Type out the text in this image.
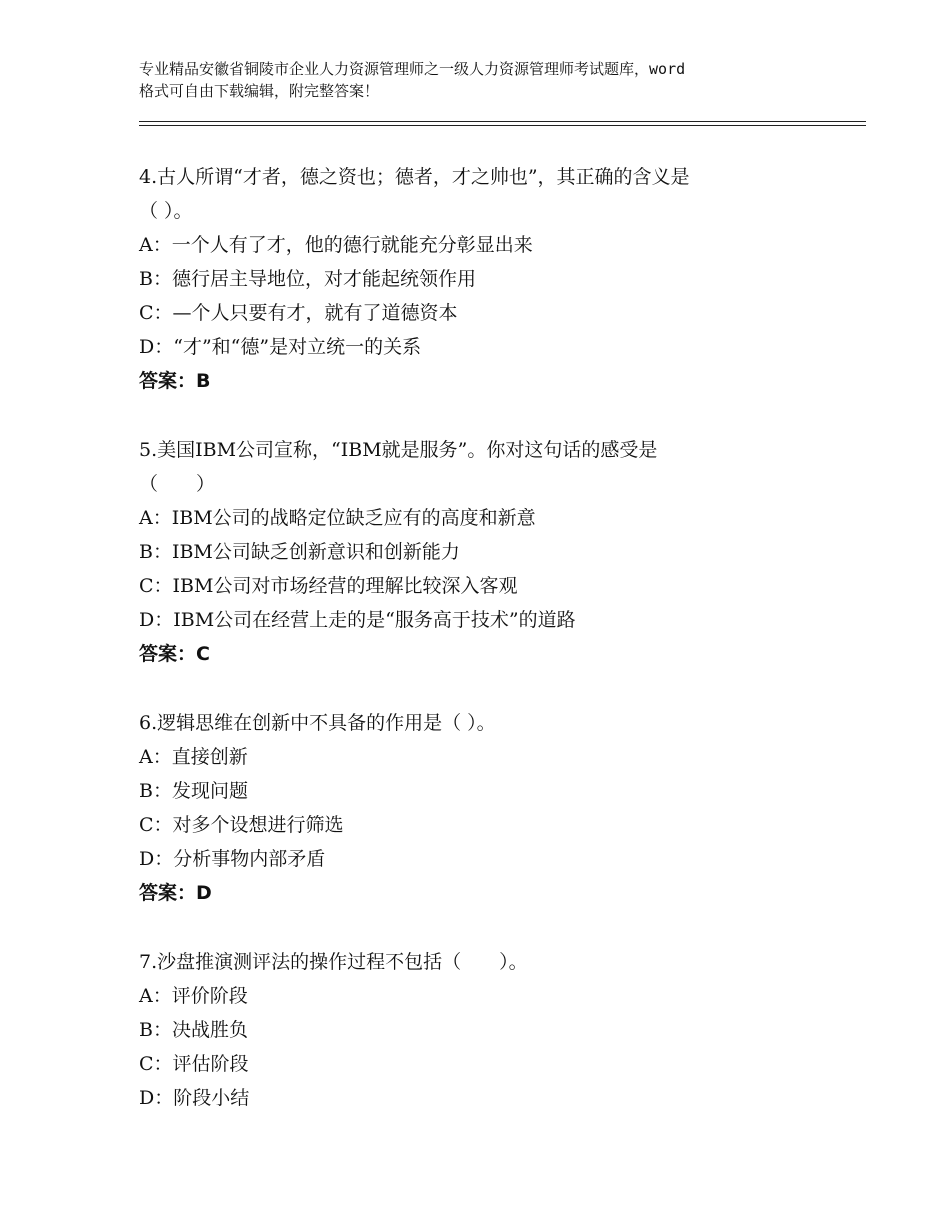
专业精品安徽省铜陵市企业人力资源管理师之一级人力资源管理师考试题库，word
格式可自由下载编辑，附完整答案！
4.古人所谓“才者，德之资也；德者，才之帅也”，其正确的含义是
（ ）。
A：一个人有了才，他的德行就能充分彰显出来
B：德行居主导地位，对才能起统领作用
C：—个人只要有才，就有了道德资本
D：“才”和“德”是对立统一的关系
答案：B
5.美国IBM公司宣称，“IBM就是服务”。你对这句话的感受是
（　　）
A：IBM公司的战略定位缺乏应有的高度和新意
B：IBM公司缺乏创新意识和创新能力
C：IBM公司对市场经营的理解比较深入客观
D：IBM公司在经营上走的是“服务高于技术”的道路
答案：C
6.逻辑思维在创新中不具备的作用是（ ）。
A：直接创新
B：发现问题
C：对多个设想进行筛选
D：分析事物内部矛盾
答案：D
7.沙盘推演测评法的操作过程不包括（　　）。
A：评价阶段
B：决战胜负
C：评估阶段
D：阶段小结
